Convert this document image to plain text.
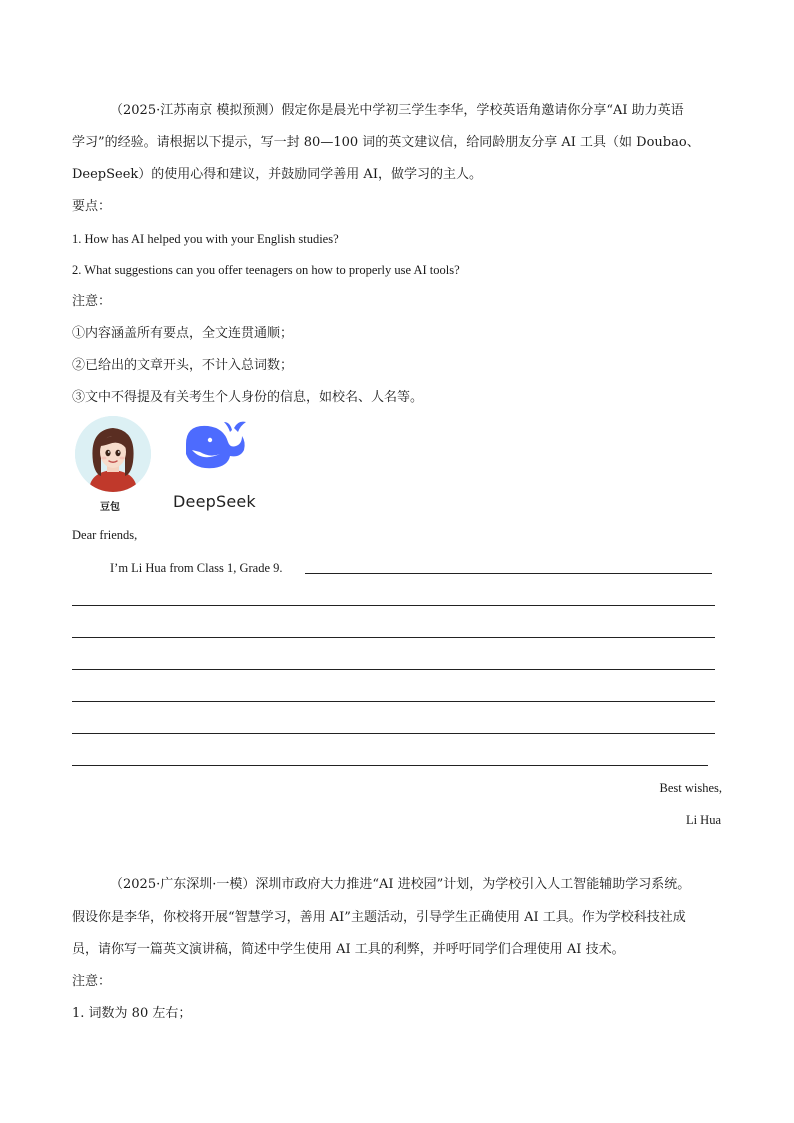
（2025·江苏南京 模拟预测）假定你是晨光中学初三学生李华，学校英语角邀请你分享“AI 助力英语
学习”的经验。请根据以下提示，写一封 80—100 词的英文建议信，给同龄朋友分享 AI 工具（如 Doubao、
DeepSeek）的使用心得和建议，并鼓励同学善用 AI，做学习的主人。
要点：
1. How has AI helped you with your English studies?
2. What suggestions can you offer teenagers on how to properly use AI tools?
注意：
①内容涵盖所有要点，全文连贯通顺；
②已给出的文章开头，不计入总词数；
③文中不得提及有关考生个人身份的信息，如校名、人名等。
豆包	DeepSeek
Dear friends,
I’m Li Hua from Class 1, Grade 9.
Best wishes,
Li Hua
（2025·广东深圳·一模）深圳市政府大力推进“AI 进校园”计划，为学校引入人工智能辅助学习系统。
假设你是李华，你校将开展“智慧学习，善用 AI”主题活动，引导学生正确使用 AI 工具。作为学校科技社成
员，请你写一篇英文演讲稿，简述中学生使用 AI 工具的利弊，并呼吁同学们合理使用 AI 技术。
注意：
1. 词数为 80 左右；
